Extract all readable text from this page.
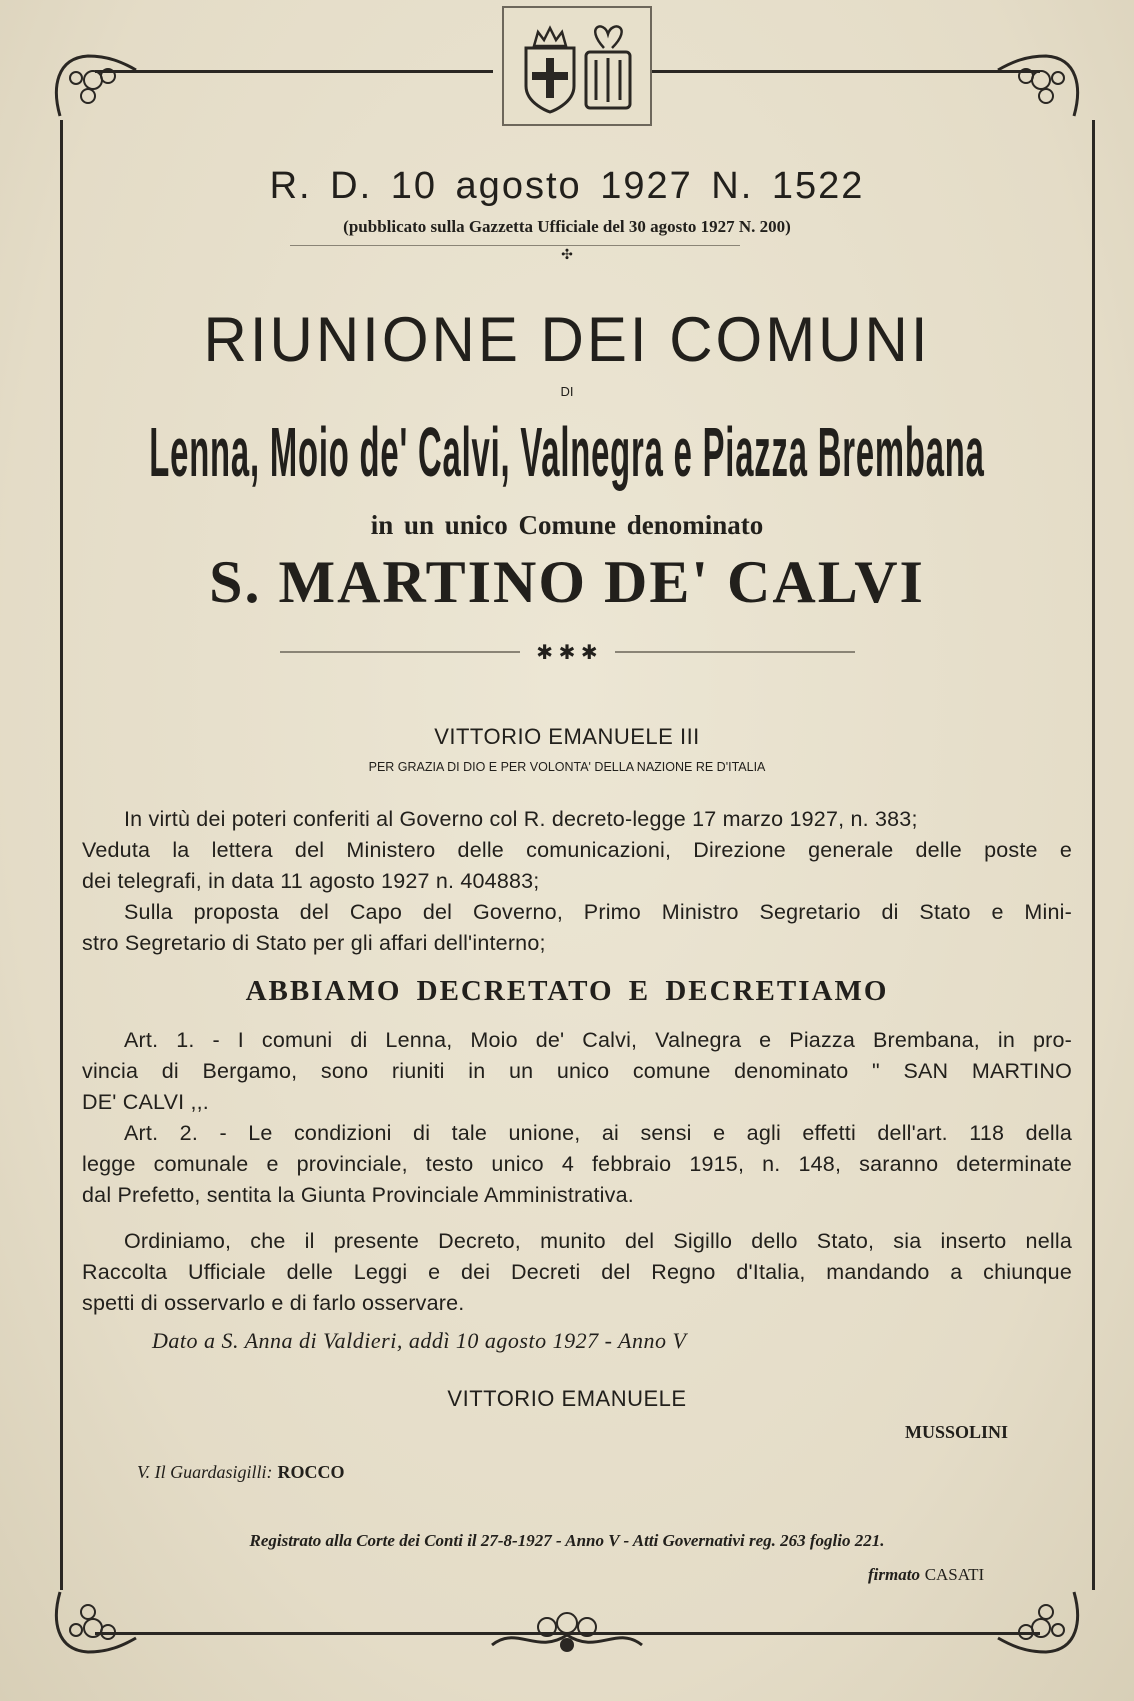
R. D. 10 agosto 1927 N. 1522
(pubblicato sulla Gazzetta Ufficiale del 30 agosto 1927 N. 200)
✣
RIUNIONE DEI COMUNI
DI
Lenna, Moio de' Calvi, Valnegra e Piazza Brembana
in un unico Comune denominato
S. MARTINO DE' CALVI
✱ ✱ ✱
VITTORIO EMANUELE III
PER GRAZIA DI DIO E PER VOLONTA' DELLA NAZIONE RE D'ITALIA

In virtù dei poteri conferiti al Governo col R. decreto-legge 17 marzo 1927, n. 383;

Veduta la lettera del Ministero delle comunicazioni, Direzione generale delle poste e

dei telegrafi, in data 11 agosto 1927 n. 404883;

Sulla proposta del Capo del Governo, Primo Ministro Segretario di Stato e Mini-

stro Segretario di Stato per gli affari dell'interno;

ABBIAMO DECRETATO E DECRETIAMO

Art. 1. - I comuni di Lenna, Moio de' Calvi, Valnegra e Piazza Brembana, in pro-

vincia di Bergamo, sono riuniti in un unico comune denominato " SAN MARTINO

DE' CALVI ,,.

Art. 2. - Le condizioni di tale unione, ai sensi e agli effetti dell'art. 118 della

legge comunale e provinciale, testo unico 4 febbraio 1915, n. 148, saranno determinate

dal Prefetto, sentita la Giunta Provinciale Amministrativa.

Ordiniamo, che il presente Decreto, munito del Sigillo dello Stato, sia inserto nella

Raccolta Ufficiale delle Leggi e dei Decreti del Regno d'Italia, mandando a chiunque

spetti di osservarlo e di farlo osservare.

Dato a S. Anna di Valdieri, addì 10 agosto 1927 - Anno V
VITTORIO EMANUELE
MUSSOLINI
V. Il Guardasigilli: ROCCO
Registrato alla Corte dei Conti il 27-8-1927 - Anno V - Atti Governativi reg. 263 foglio 221.
firmato CASATI
